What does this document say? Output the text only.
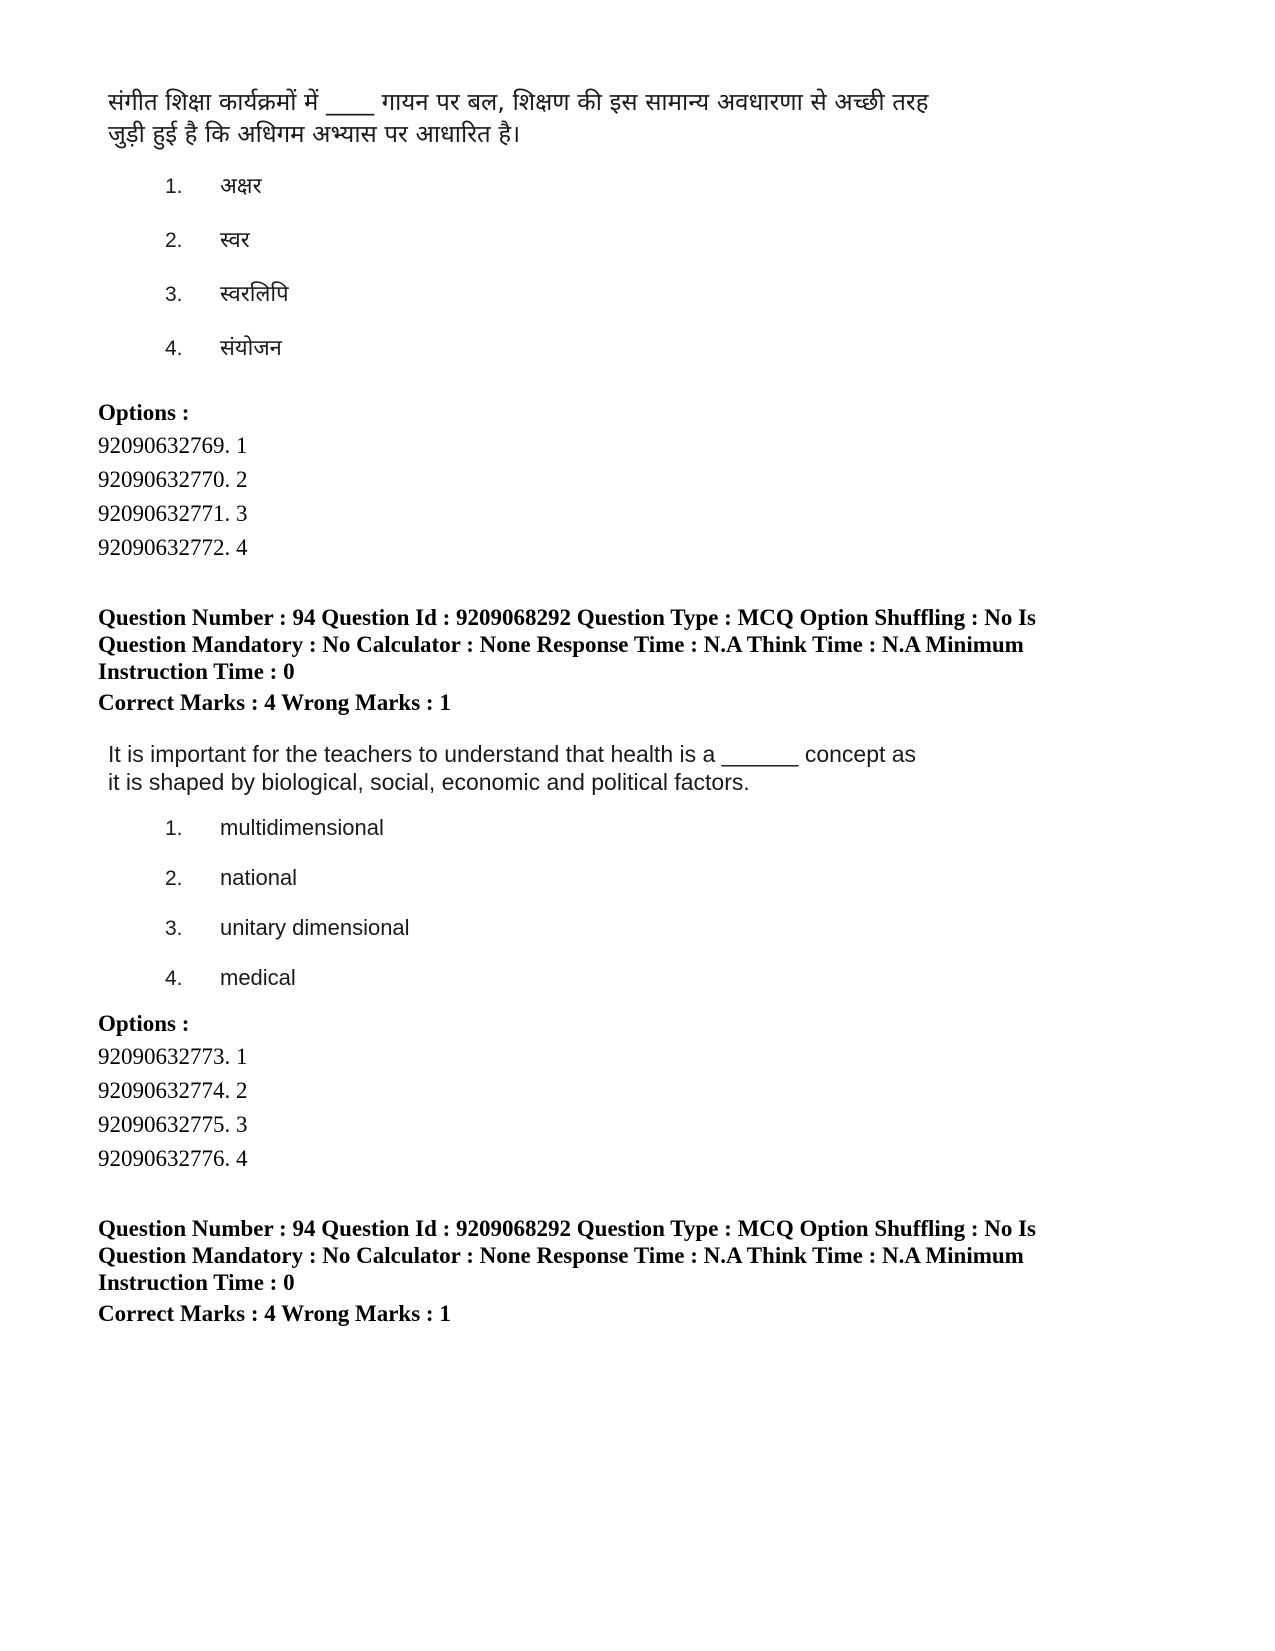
संगीत शिक्षा कार्यक्रमों में ____ गायन पर बल, शिक्षण की इस सामान्य अवधारणा से अच्छी तरह
जुड़ी हुई है कि अधिगम अभ्यास पर आधारित है।
1.	अक्षर
2.	स्वर
3.	स्वरलिपि
4.	संयोजन
Options :
92090632769. 1
92090632770. 2
92090632771. 3
92090632772. 4
Question Number : 94 Question Id : 9209068292 Question Type : MCQ Option Shuffling : No Is
Question Mandatory : No Calculator : None Response Time : N.A Think Time : N.A Minimum
Instruction Time : 0
Correct Marks : 4 Wrong Marks : 1
It is important for the teachers to understand that health is a ______ concept as
it is shaped by biological, social, economic and political factors.
1.	multidimensional
2.	national
3.	unitary dimensional
4.	medical
Options :
92090632773. 1
92090632774. 2
92090632775. 3
92090632776. 4
Question Number : 94 Question Id : 9209068292 Question Type : MCQ Option Shuffling : No Is
Question Mandatory : No Calculator : None Response Time : N.A Think Time : N.A Minimum
Instruction Time : 0
Correct Marks : 4 Wrong Marks : 1
